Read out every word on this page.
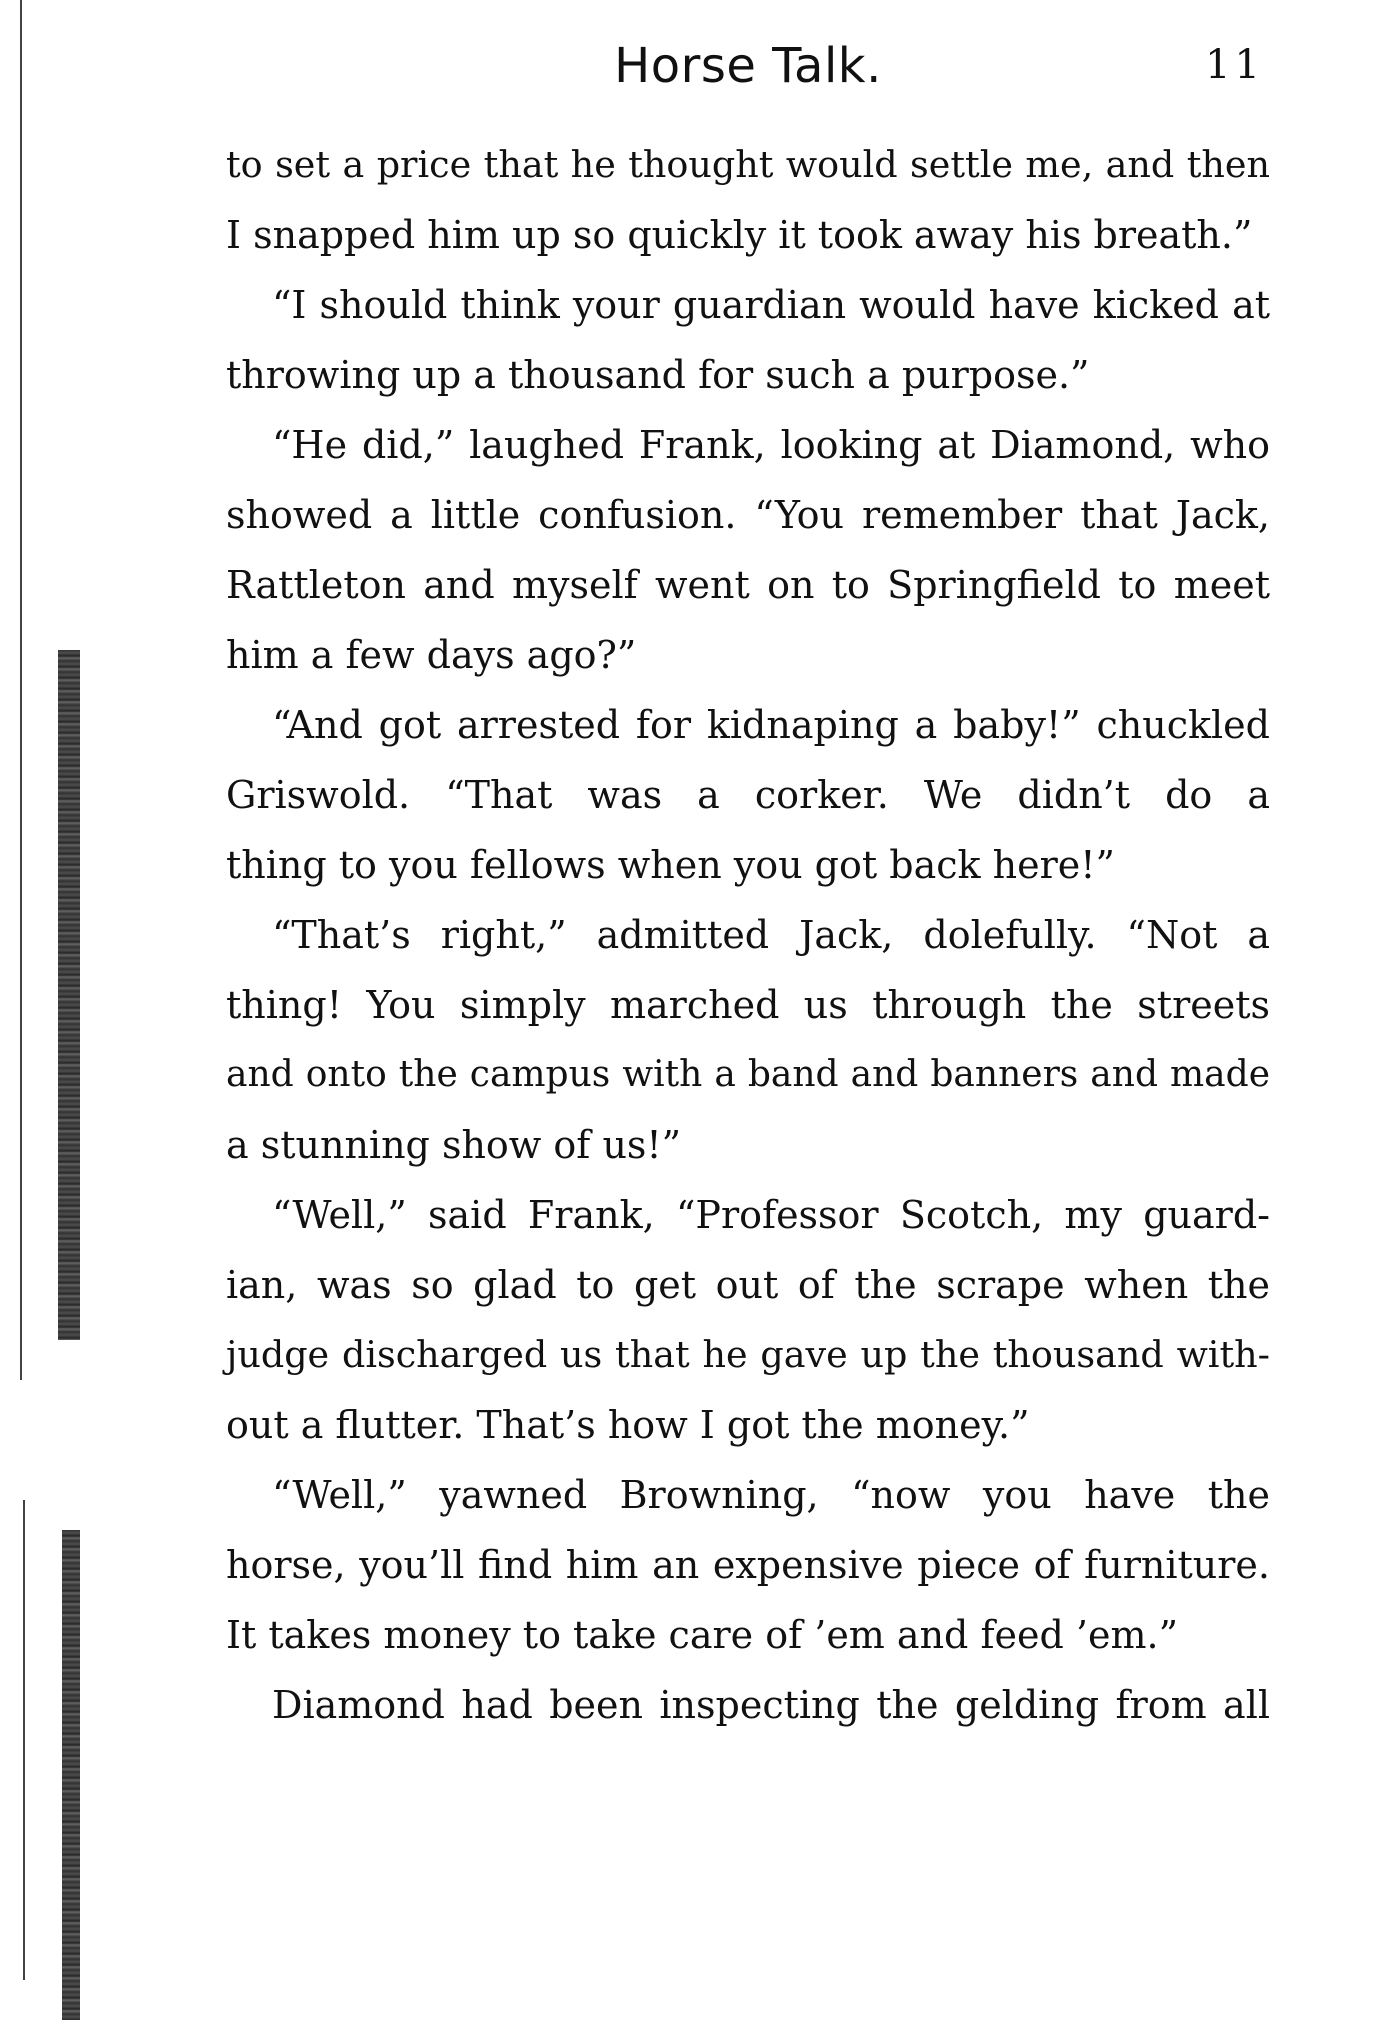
Horse Talk.	11
to set a price that he thought would settle me, and then
I snapped him up so quickly it took away his breath.”
“I should think your guardian would have kicked at
throwing up a thousand for such a purpose.”
“He did,” laughed Frank, looking at Diamond, who
showed a little confusion. “You remember that Jack,
Rattleton and myself went on to Springfield to meet
him a few days ago?”
“And got arrested for kidnaping a baby!” chuckled
Griswold. “That was a corker. We didn’t do a
thing to you fellows when you got back here!”
“That’s right,” admitted Jack, dolefully. “Not a
thing! You simply marched us through the streets
and onto the campus with a band and banners and made
a stunning show of us!”
“Well,” said Frank, “Professor Scotch, my guard-
ian, was so glad to get out of the scrape when the
judge discharged us that he gave up the thousand with-
out a flutter. That’s how I got the money.”
“Well,” yawned Browning, “now you have the
horse, you’ll find him an expensive piece of furniture.
It takes money to take care of ’em and feed ’em.”
Diamond had been inspecting the gelding from all
